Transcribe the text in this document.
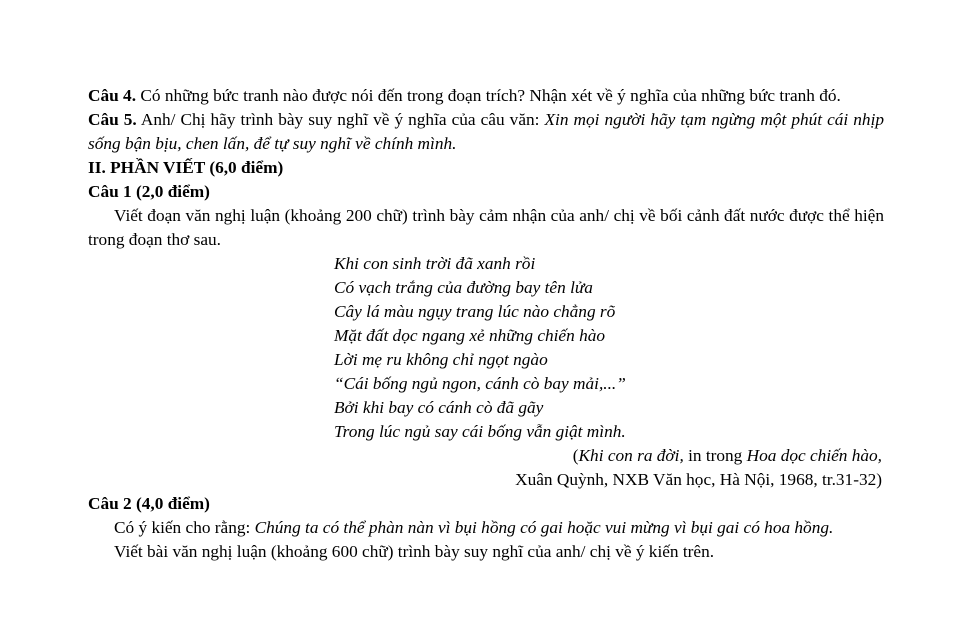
Câu 4. Có những bức tranh nào được nói đến trong đoạn trích? Nhận xét về ý nghĩa của những bức tranh đó.

Câu 5. Anh/ Chị hãy trình bày suy nghĩ về ý nghĩa của câu văn: Xin mọi người hãy tạm ngừng một phút cái nhịp sống bận bịu, chen lấn, để tự suy nghĩ về chính mình.

II. PHẦN VIẾT (6,0 điểm)

Câu 1 (2,0 điểm)

Viết đoạn văn nghị luận (khoảng 200 chữ) trình bày cảm nhận của anh/ chị về bối cảnh đất nước được thể hiện trong đoạn thơ sau.

Khi con sinh trời đã xanh rồi

Có vạch trắng của đường bay tên lửa

Cây lá màu ngụy trang lúc nào chẳng rõ

Mặt đất dọc ngang xẻ những chiến hào

Lời mẹ ru không chỉ ngọt ngào

“Cái bống ngủ ngon, cánh cò bay mải,...”

Bởi khi bay có cánh cò đã gãy

Trong lúc ngủ say cái bống vẫn giật mình.

(Khi con ra đời, in trong Hoa dọc chiến hào,

Xuân Quỳnh, NXB Văn học, Hà Nội, 1968, tr.31-32)

Câu 2 (4,0 điểm)

Có ý kiến cho rằng: Chúng ta có thể phàn nàn vì bụi hồng có gai hoặc vui mừng vì bụi gai có hoa hồng.

Viết bài văn nghị luận (khoảng 600 chữ) trình bày suy nghĩ của anh/ chị về ý kiến trên.
